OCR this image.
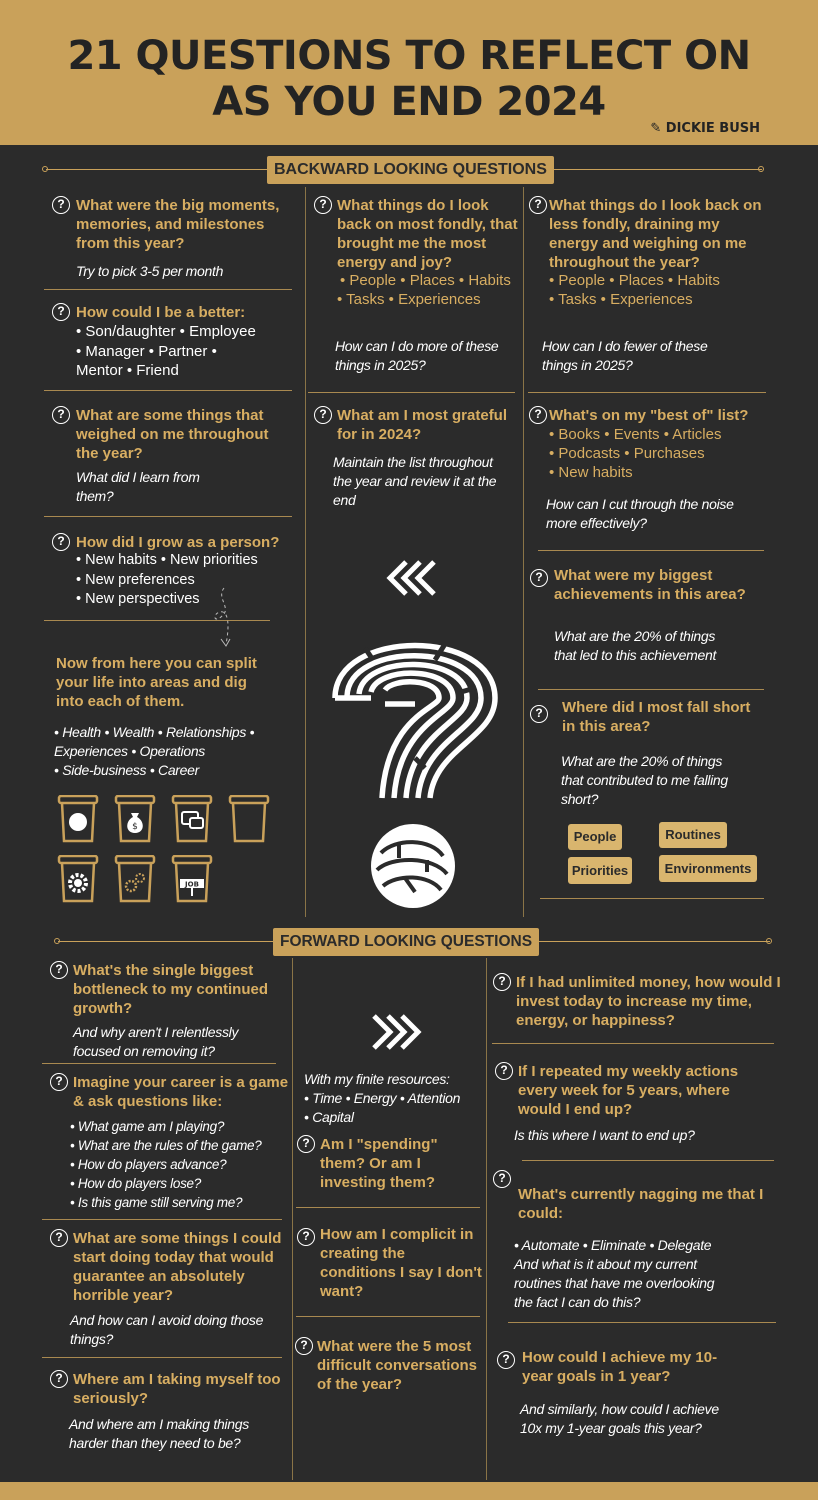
21 QUESTIONS TO REFLECT ON
AS YOU END 2024
✎ DICKIE BUSH
BACKWARD LOOKING QUESTIONS
? What were the big moments,
memories, and milestones
from this year?
Try to pick 3-5 per month
? How could I be a better:
• Son/daughter • Employee
• Manager • Partner •
Mentor • Friend
? What are some things that
weighed on me throughout
the year?
What did I learn from
them?
? How did I grow as a person?
• New habits • New priorities
• New preferences
• New perspectives
Now from here you can split
your life into areas and dig
into each of them.
• Health • Wealth • Relationships •
Experiences • Operations
• Side-business • Career
$
JOB
? What things do I look
back on most fondly, that
brought me the most
energy and joy?
• People • Places • Habits
• Tasks • Experiences
How can I do more of these
things in 2025?
? What am I most grateful
for in 2024?
Maintain the list throughout
the year and review it at the
end
? What things do I look back on
less fondly, draining my
energy and weighing on me
throughout the year?
• People • Places • Habits
• Tasks • Experiences
How can I do fewer of these
things in 2025?
? What's on my "best of" list?
• Books • Events • Articles
• Podcasts • Purchases
• New habits
How can I cut through the noise
more effectively?
? What were my biggest
achievements in this area?
What are the 20% of things
that led to this achievement
?	Where did I most fall short
in this area?
What are the 20% of things
that contributed to me falling
short?
People	Routines
Priorities	Environments
FORWARD LOOKING QUESTIONS
? What's the single biggest
bottleneck to my continued
growth?
And why aren't I relentlessly
focused on removing it?
? Imagine your career is a game
& ask questions like:
• What game am I playing?
• What are the rules of the game?
• How do players advance?
• How do players lose?
• Is this game still serving me?
? What are some things I could
start doing today that would
guarantee an absolutely
horrible year?
And how can I avoid doing those
things?
? Where am I taking myself too
seriously?
And where am I making things
harder than they need to be?
With my finite resources:
• Time • Energy • Attention
• Capital
? Am I "spending"
them? Or am I
investing them?
? How am I complicit in
creating the
conditions I say I don't
want?
? What were the 5 most
difficult conversations
of the year?
? If I had unlimited money, how would I
invest today to increase my time,
energy, or happiness?
? If I repeated my weekly actions
every week for 5 years, where
would I end up?
Is this where I want to end up?
?
What's currently nagging me that I
could:
• Automate • Eliminate • Delegate
And what is it about my current
routines that have me overlooking
the fact I can do this?
? How could I achieve my 10-
year goals in 1 year?
And similarly, how could I achieve
10x my 1-year goals this year?
